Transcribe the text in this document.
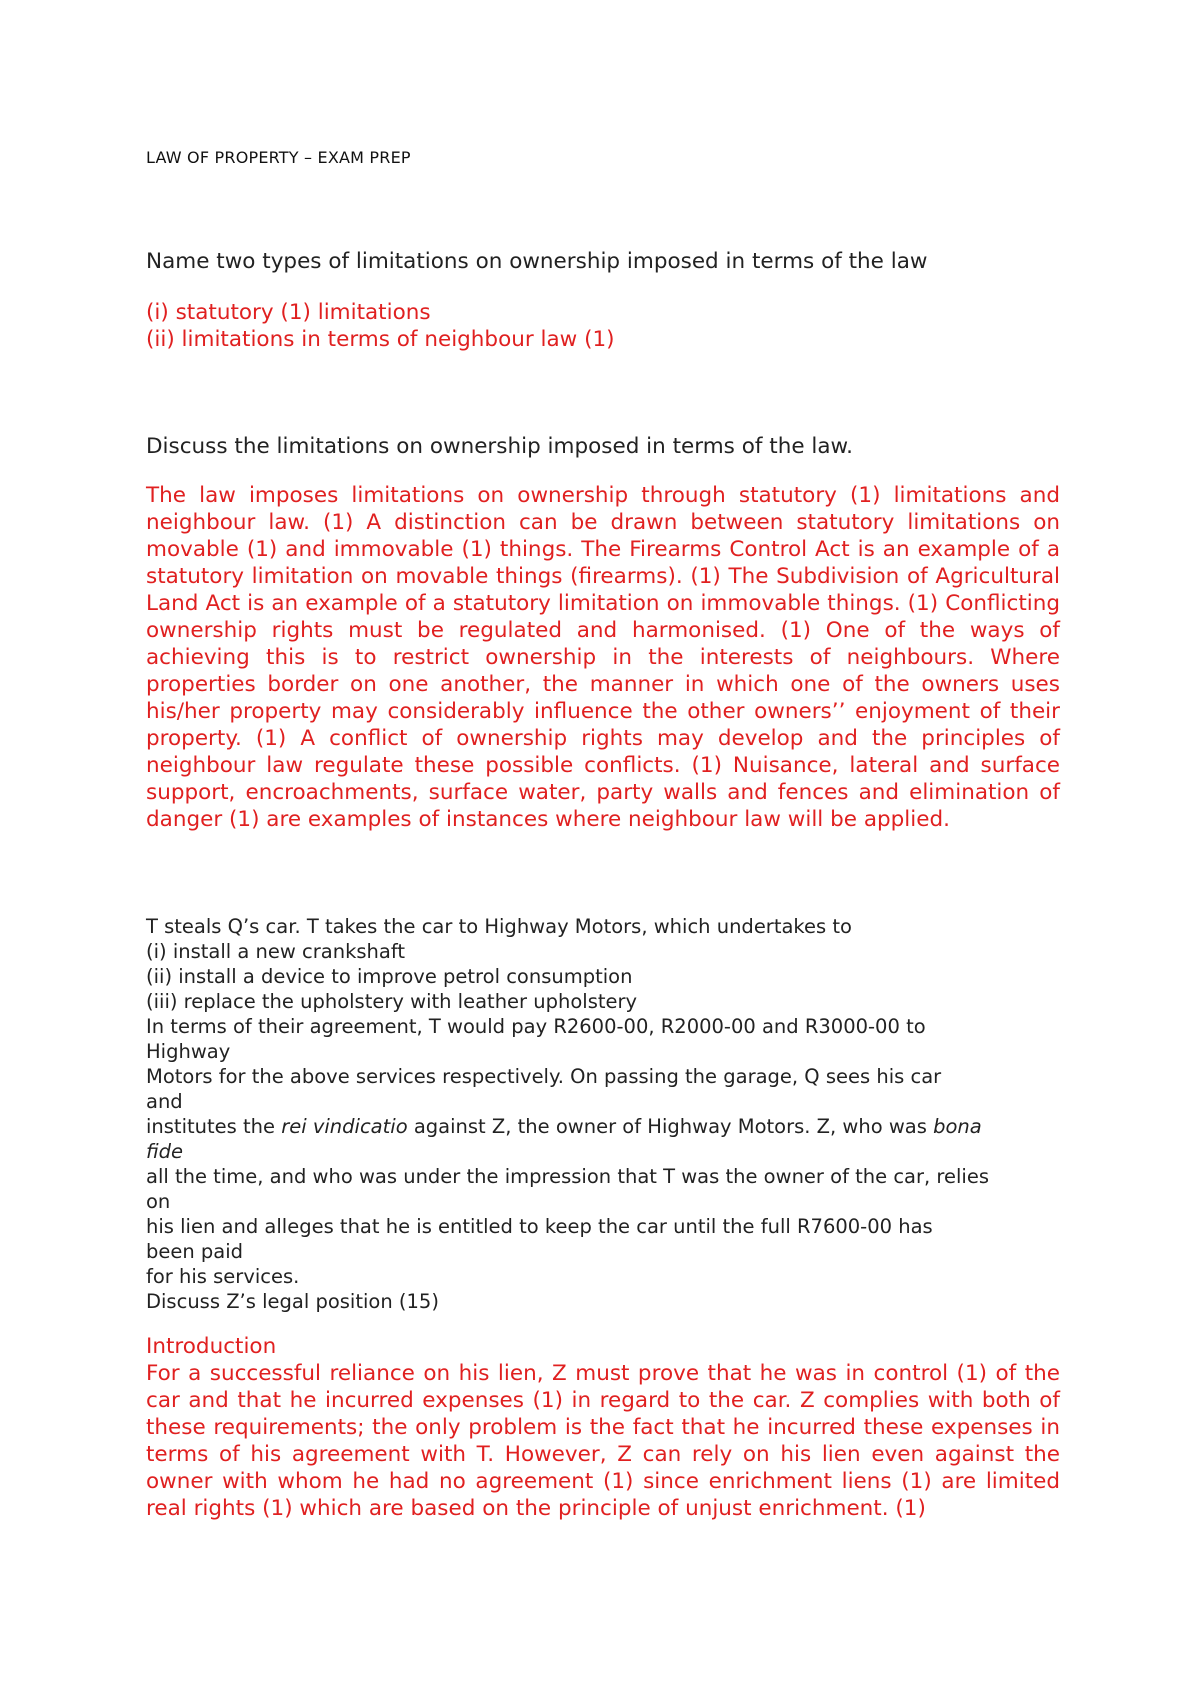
LAW OF PROPERTY – EXAM PREP
Name two types of limitations on ownership imposed in terms of the law
(i) statutory (1) limitations
(ii) limitations in terms of neighbour law (1)
Discuss the limitations on ownership imposed in terms of the law.
The law imposes limitations on ownership through statutory (1) limitations and neighbour law. (1) A distinction can be drawn between statutory limitations on movable (1) and immovable (1) things. The Firearms Control Act is an example of a statutory limitation on movable things (firearms). (1) The Subdivision of Agricultural Land Act is an example of a statutory limitation on immovable things. (1) Conflicting ownership rights must be regulated and harmonised. (1) One of the ways of achieving this is to restrict ownership in the interests of neighbours. Where properties border on one another, the manner in which one of the owners uses his/her property may considerably influence the other owners’’ enjoyment of their property. (1) A conflict of ownership rights may develop and the principles of neighbour law regulate these possible conflicts. (1) Nuisance, lateral and surface support, encroachments, surface water, party walls and fences and elimination of danger (1) are examples of instances where neighbour law will be applied.
T steals Q’s car. T takes the car to Highway Motors, which undertakes to
(i) install a new crankshaft
(ii) install a device to improve petrol consumption
(iii) replace the upholstery with leather upholstery
In terms of their agreement, T would pay R2600-00, R2000-00 and R3000-00 to
Highway
Motors for the above services respectively. On passing the garage, Q sees his car
and
institutes the rei vindicatio against Z, the owner of Highway Motors. Z, who was bona
fide
all the time, and who was under the impression that T was the owner of the car, relies
on
his lien and alleges that he is entitled to keep the car until the full R7600-00 has
been paid
for his services.
Discuss Z’s legal position (15)
Introduction
For a successful reliance on his lien, Z must prove that he was in control (1) of the car and that he incurred expenses (1) in regard to the car. Z complies with both of these requirements; the only problem is the fact that he incurred these expenses in terms of his agreement with T. However, Z can rely on his lien even against the owner with whom he had no agreement (1) since enrichment liens (1) are limited real rights (1) which are based on the principle of unjust enrichment. (1)
